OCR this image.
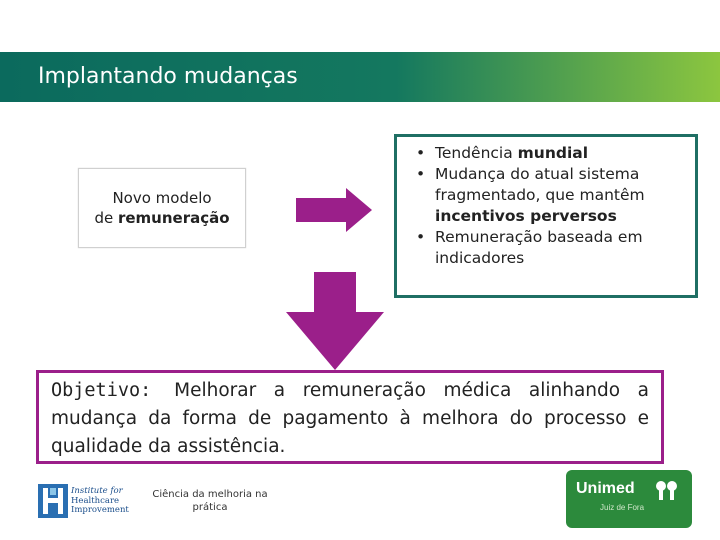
Implantando mudanças
Novo modelo
de remuneração
• Tendência mundial
• Mudança do atual sistema fragmentado, que mantêm incentivos perversos
• Remuneração baseada em indicadores
Objetivo: Melhorar a remuneração médica alinhando a mudança da forma de pagamento à melhora do processo e qualidade da assistência.
Institute for
Healthcare
Improvement
Ciência da melhoria na prática
Unimed
Juiz de Fora
